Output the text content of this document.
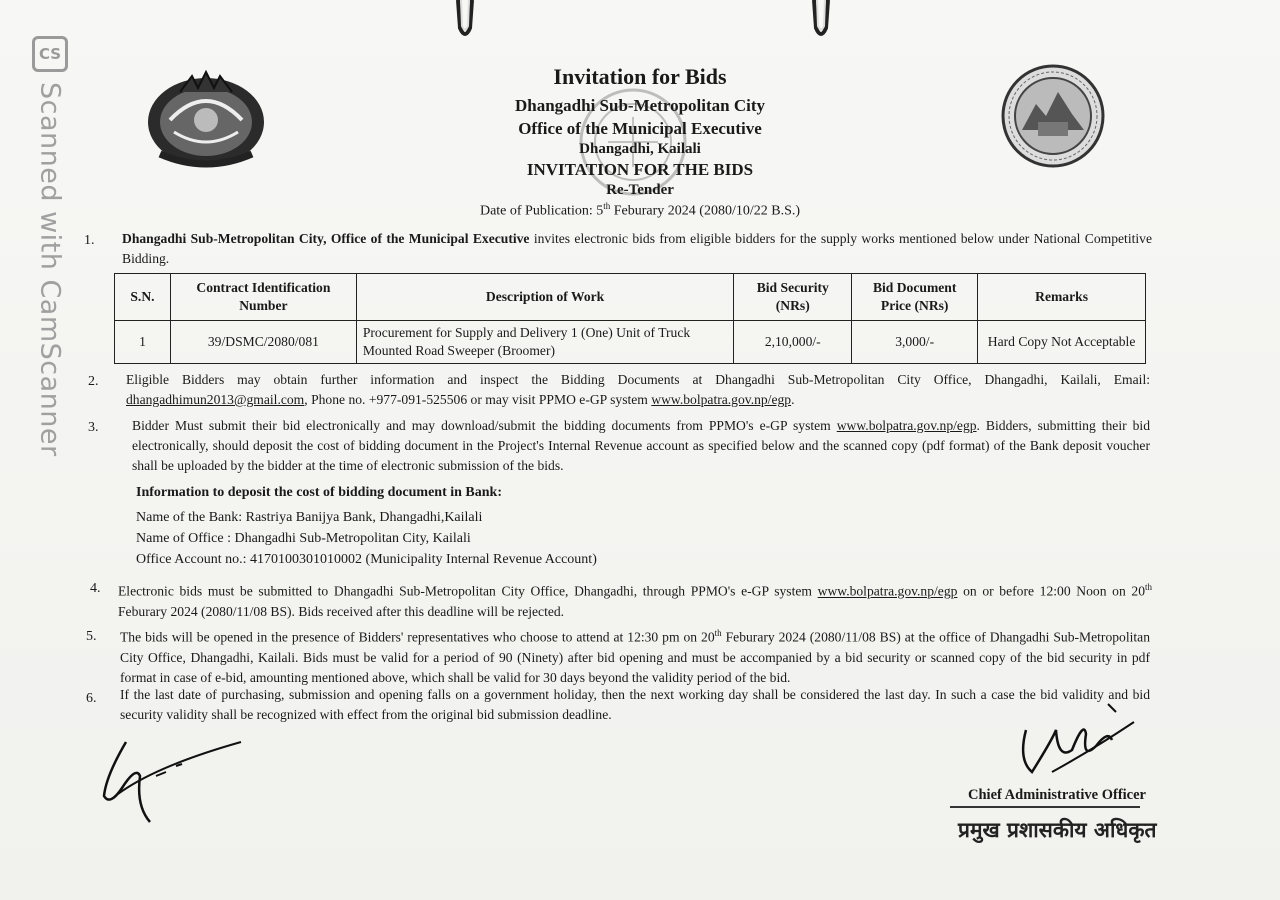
CS
Scanned with CamScanner
Invitation for Bids
Dhangadhi Sub-Metropolitan City
Office of the Municipal Executive
Dhangadhi, Kailali
INVITATION FOR THE BIDS
Re-Tender
Date of Publication: 5th Feburary 2024 (2080/10/22 B.S.)
1. Dhangadhi Sub-Metropolitan City, Office of the Municipal Executive invites electronic bids from eligible bidders for the supply works mentioned below under National Competitive Bidding.
S.N.	Contract Identification Number	Description of Work	Bid Security (NRs)	Bid Document Price (NRs)	Remarks
1	39/DSMC/2080/081	Procurement for Supply and Delivery 1 (One) Unit of Truck Mounted Road Sweeper (Broomer)	2,10,000/-	3,000/-	Hard Copy Not Acceptable
2. Eligible Bidders may obtain further information and inspect the Bidding Documents at Dhangadhi Sub-Metropolitan City Office, Dhangadhi, Kailali, Email: dhangadhimun2013@gmail.com, Phone no. +977-091-525506 or may visit PPMO e-GP system www.bolpatra.gov.np/egp.
3. Bidder Must submit their bid electronically and may download/submit the bidding documents from PPMO's e-GP system www.bolpatra.gov.np/egp. Bidders, submitting their bid electronically, should deposit the cost of bidding document in the Project's Internal Revenue account as specified below and the scanned copy (pdf format) of the Bank deposit voucher shall be uploaded by the bidder at the time of electronic submission of the bids.
Information to deposit the cost of bidding document in Bank:
Name of the Bank: Rastriya Banijya Bank, Dhangadhi,Kailali
Name of Office : Dhangadhi Sub-Metropolitan City, Kailali
Office Account no.: 4170100301010002 (Municipality Internal Revenue Account)
4. Electronic bids must be submitted to Dhangadhi Sub-Metropolitan City Office, Dhangadhi, through PPMO's e-GP system www.bolpatra.gov.np/egp on or before 12:00 Noon on 20th Feburary 2024 (2080/11/08 BS). Bids received after this deadline will be rejected.
5. The bids will be opened in the presence of Bidders' representatives who choose to attend at 12:30 pm on 20th Feburary 2024 (2080/11/08 BS) at the office of Dhangadhi Sub-Metropolitan City Office, Dhangadhi, Kailali. Bids must be valid for a period of 90 (Ninety) after bid opening and must be accompanied by a bid security or scanned copy of the bid security in pdf format in case of e-bid, amounting mentioned above, which shall be valid for 30 days beyond the validity period of the bid.
6. If the last date of purchasing, submission and opening falls on a government holiday, then the next working day shall be considered the last day. In such a case the bid validity and bid security validity shall be recognized with effect from the original bid submission deadline.
Chief Administrative Officer
प्रमुख प्रशासकीय अधिकृत
